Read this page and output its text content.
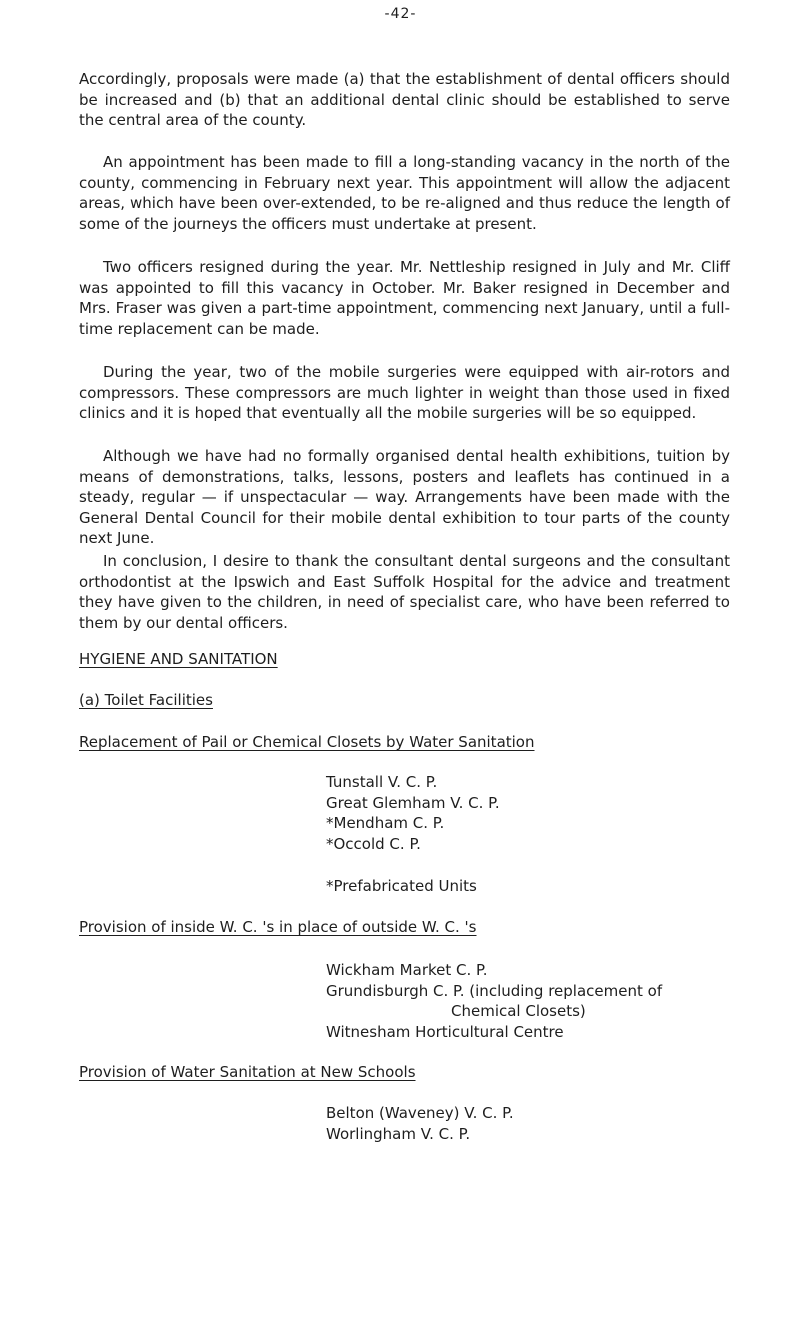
-42-
Accordingly, proposals were made (a) that the establishment of dental officers should be increased and (b) that an additional dental clinic should be established to serve the central area of the county.
An appointment has been made to fill a long-standing vacancy in the north of the county, commencing in February next year. This appointment will allow the adjacent areas, which have been over-extended, to be re-aligned and thus reduce the length of some of the journeys the officers must undertake at present.
Two officers resigned during the year. Mr. Nettleship resigned in July and Mr. Cliff was appointed to fill this vacancy in October. Mr. Baker resigned in December and Mrs. Fraser was given a part-time appointment, commencing next January, until a full-time replacement can be made.
During the year, two of the mobile surgeries were equipped with air-rotors and compressors. These compressors are much lighter in weight than those used in fixed clinics and it is hoped that eventually all the mobile surgeries will be so equipped.
Although we have had no formally organised dental health exhibitions, tuition by means of demonstrations, talks, lessons, posters and leaflets has continued in a steady, regular — if unspectacular — way. Arrangements have been made with the General Dental Council for their mobile dental exhibition to tour parts of the county next June.
In conclusion, I desire to thank the consultant dental surgeons and the consultant orthodontist at the Ipswich and East Suffolk Hospital for the advice and treatment they have given to the children, in need of specialist care, who have been referred to them by our dental officers.
HYGIENE AND SANITATION
(a) Toilet Facilities
Replacement of Pail or Chemical Closets by Water Sanitation
Tunstall V. C. P.
Great Glemham V. C. P.
*Mendham C. P.
*Occold C. P.
*Prefabricated Units
Provision of inside W. C. 's in place of outside W. C. 's
Wickham Market C. P.
Grundisburgh C. P. (including replacement of
Chemical Closets)
Witnesham Horticultural Centre
Provision of Water Sanitation at New Schools
Belton (Waveney) V. C. P.
Worlingham V. C. P.
